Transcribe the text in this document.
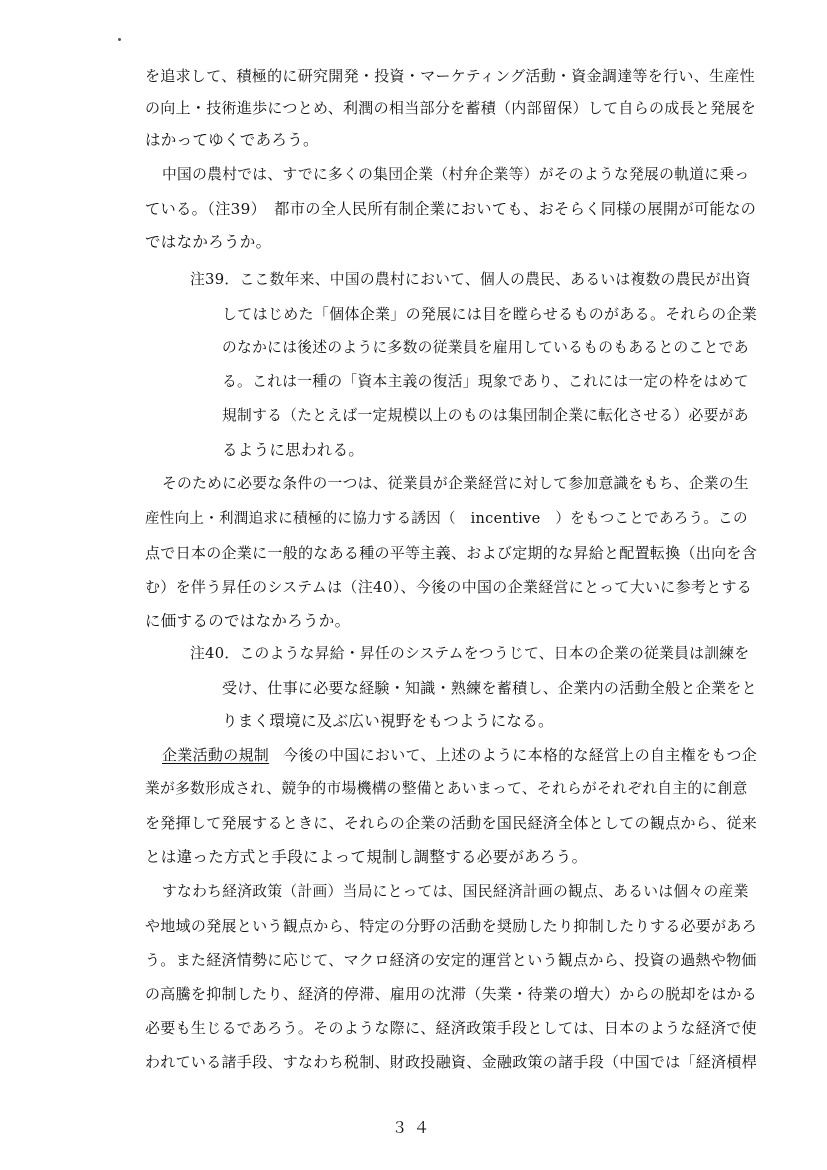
を追求して、積極的に研究開発・投資・マーケティング活動・資金調達等を行い、生産性
の向上・技術進歩につとめ、利潤の相当部分を蓄積（内部留保）して自らの成長と発展を
はかってゆくであろう。
中国の農村では、すでに多くの集団企業（村弁企業等）がそのような発展の軌道に乗っ
ている。（注39）　都市の全人民所有制企業においても、おそらく同様の展開が可能なの
ではなかろうか。
注39．ここ数年来、中国の農村において、個人の農民、あるいは複数の農民が出資
してはじめた「個体企業」の発展には目を瞠らせるものがある。それらの企業
のなかには後述のように多数の従業員を雇用しているものもあるとのことであ
る。これは一種の「資本主義の復活」現象であり、これには一定の枠をはめて
規制する（たとえば一定規模以上のものは集団制企業に転化させる）必要があ
るように思われる。
そのために必要な条件の一つは、従業員が企業経営に対して参加意識をもち、企業の生
産性向上・利潤追求に積極的に協力する誘因（　incentive　）をもつことであろう。この
点で日本の企業に一般的なある種の平等主義、および定期的な昇給と配置転換（出向を含
む）を伴う昇任のシステムは（注40）、今後の中国の企業経営にとって大いに参考とする
に価するのではなかろうか。
注40．このような昇給・昇任のシステムをつうじて、日本の企業の従業員は訓練を
受け、仕事に必要な経験・知識・熟練を蓄積し、企業内の活動全般と企業をと
りまく環境に及ぶ広い視野をもつようになる。
企業活動の規制 今後の中国において、上述のように本格的な経営上の自主権をもつ企
業が多数形成され、競争的市場機構の整備とあいまって、それらがそれぞれ自主的に創意
を発揮して発展するときに、それらの企業の活動を国民経済全体としての観点から、従来
とは違った方式と手段によって規制し調整する必要があろう。
すなわち経済政策（計画）当局にとっては、国民経済計画の観点、あるいは個々の産業
や地域の発展という観点から、特定の分野の活動を奨励したり抑制したりする必要があろ
う。また経済情勢に応じて、マクロ経済の安定的運営という観点から、投資の過熱や物価
の高騰を抑制したり、経済的停滞、雇用の沈滞（失業・待業の増大）からの脱却をはかる
必要も生じるであろう。そのような際に、経済政策手段としては、日本のような経済で使
われている諸手段、すなわち税制、財政投融資、金融政策の諸手段（中国では「経済槓桿
３４
